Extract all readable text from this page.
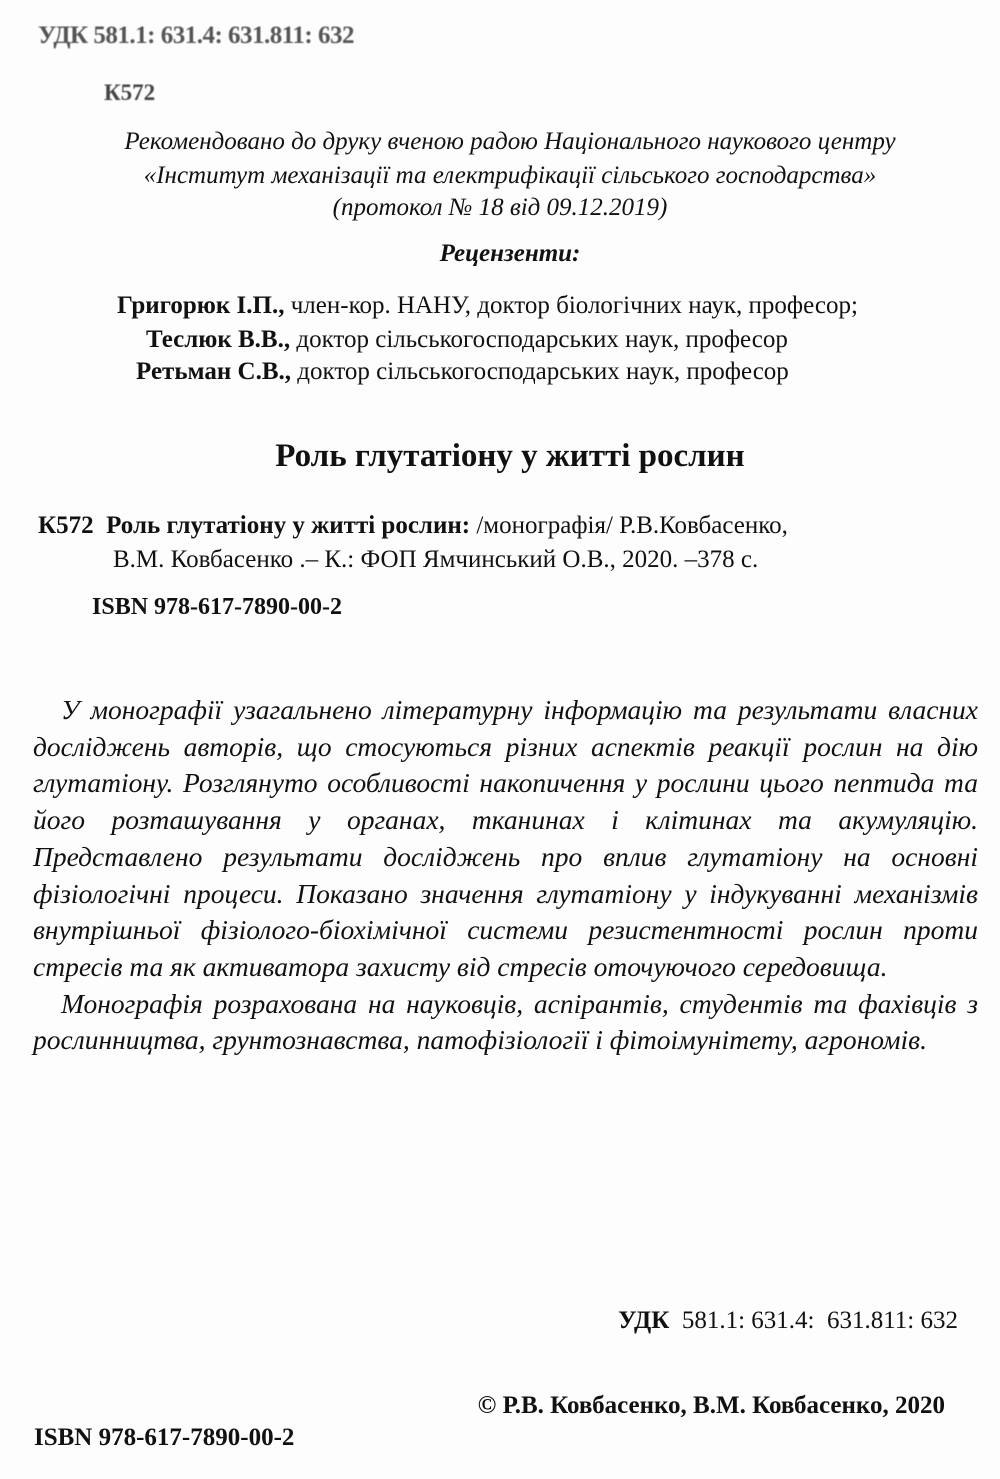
УДК 581.1: 631.4: 631.811: 632
К572
Рекомендовано до друку вченою радою Національного наукового центру
«Інститут механізації та електрифікації сільського господарства»
(протокол № 18 від 09.12.2019)
Рецензенти:
Григорюк І.П., член-кор. НАНУ, доктор біологічних наук, професор;
Теслюк В.В., доктор сільськогосподарських наук, професор
Ретьман С.В., доктор сільськогосподарських наук, професор
Роль глутатіону у житті рослин
К572 Роль глутатіону у житті рослин: /монографія/ Р.В.Ковбасенко,
В.М. Ковбасенко .– К.: ФОП Ямчинський О.В., 2020. –378 с.
ISBN 978-617-7890-00-2

У монографії узагальнено літературну інформацію та результати власних досліджень авторів, що стосуються різних аспектів реакції рослин на дію глутатіону. Розглянуто особливості накопичення у рослини цього пептида та його розташування у органах, тканинах і клітинах та акумуляцію. Представлено результати досліджень про вплив глутатіону на основні фізіологічні процеси. Показано значення глутатіону у індукуванні механізмів внутрішньої фізіолого-біохімічної системи резистентності рослин проти стресів та як активатора захисту від стресів оточуючого середовища.

Монографія розрахована на науковців, аспірантів, студентів та фахівців з рослинництва, грунтознавства, патофізіології і фітоімунітету, агрономів.

УДК  581.1: 631.4:  631.811: 632
© Р.В. Ковбасенко, В.М. Ковбасенко, 2020
ISBN 978-617-7890-00-2
